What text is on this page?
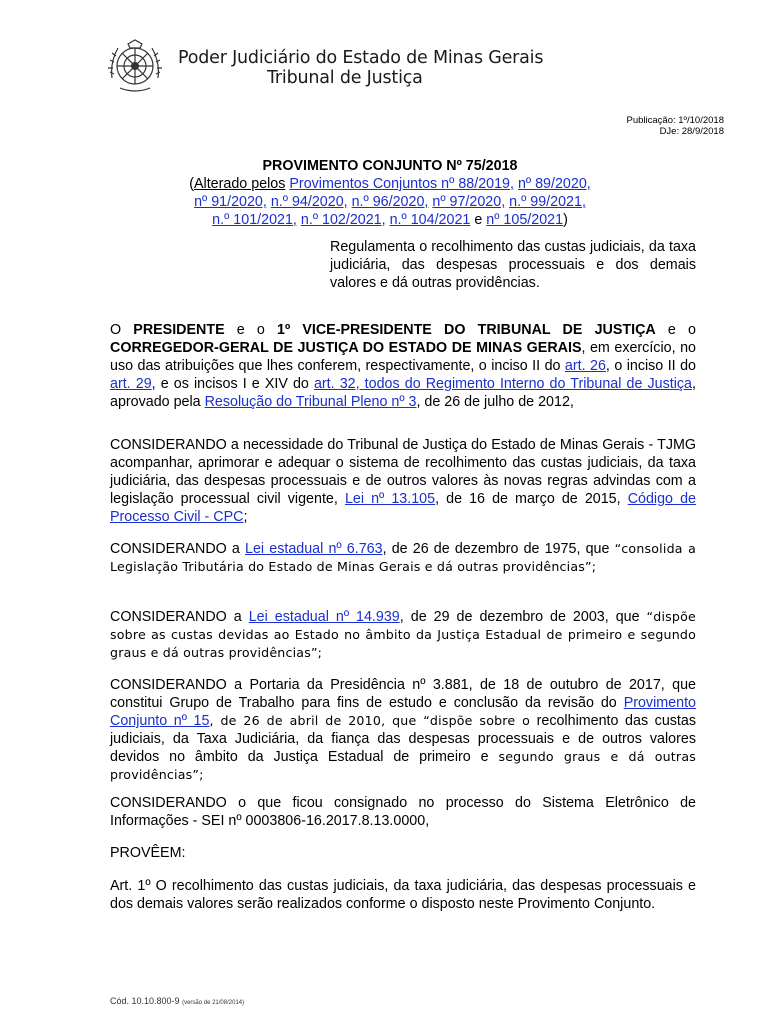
Poder Judiciário do Estado de Minas Gerais
Tribunal de Justiça
Publicação: 1º/10/2018
DJe: 28/9/2018
PROVIMENTO CONJUNTO Nº 75/2018
(Alterado pelos Provimentos Conjuntos nº 88/2019, nº 89/2020,
nº 91/2020, n.º 94/2020, n.º 96/2020, nº 97/2020, n.º 99/2021,
n.º 101/2021, n.º 102/2021, n.º 104/2021 e nº 105/2021)
Regulamenta o recolhimento das custas judiciais, da taxa judiciária, das despesas processuais e dos demais valores e dá outras providências.
O PRESIDENTE e o 1º VICE-PRESIDENTE DO TRIBUNAL DE JUSTIÇA e o CORREGEDOR-GERAL DE JUSTIÇA DO ESTADO DE MINAS GERAIS, em exercício, no uso das atribuições que lhes conferem, respectivamente, o inciso II do art. 26, o inciso II do art. 29, e os incisos I e XIV do art. 32, todos do Regimento Interno do Tribunal de Justiça, aprovado pela Resolução do Tribunal Pleno nº 3, de 26 de julho de 2012,
CONSIDERANDO a necessidade do Tribunal de Justiça do Estado de Minas Gerais - TJMG acompanhar, aprimorar e adequar o sistema de recolhimento das custas judiciais, da taxa judiciária, das despesas processuais e de outros valores às novas regras advindas com a legislação processual civil vigente, Lei nº 13.105, de 16 de março de 2015, Código de Processo Civil - CPC;
CONSIDERANDO a Lei estadual nº 6.763, de 26 de dezembro de 1975, que “consolida a Legislação Tributária do Estado de Minas Gerais e dá outras providências”;
CONSIDERANDO a Lei estadual nº 14.939, de 29 de dezembro de 2003, que “dispõe sobre as custas devidas ao Estado no âmbito da Justiça Estadual de primeiro e segundo graus e dá outras providências”;
CONSIDERANDO a Portaria da Presidência nº 3.881, de 18 de outubro de 2017, que constitui Grupo de Trabalho para fins de estudo e conclusão da revisão do Provimento Conjunto nº 15, de 26 de abril de 2010, que “dispõe sobre o recolhimento das custas judiciais, da Taxa Judiciária, da fiança das despesas processuais e de outros valores devidos no âmbito da Justiça Estadual de primeiro e segundo graus e dá outras providências”;
CONSIDERANDO o que ficou consignado no processo do Sistema Eletrônico de Informações - SEI nº 0003806-16.2017.8.13.0000,
PROVÊEM:
Art. 1º O recolhimento das custas judiciais, da taxa judiciária, das despesas processuais e dos demais valores serão realizados conforme o disposto neste Provimento Conjunto.
Cód. 10.10.800-9 (versão de 21/08/2014)
